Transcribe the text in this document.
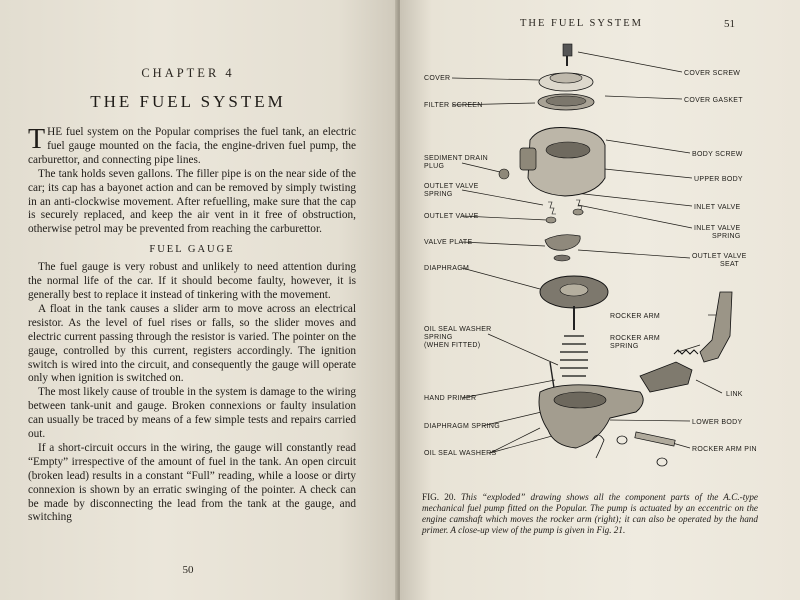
CHAPTER 4
THE FUEL SYSTEM

THE fuel system on the Popular comprises the fuel tank, an electric fuel gauge mounted on the facia, the engine-driven fuel pump, the carburettor, and connecting pipe lines.

The tank holds seven gallons. The filler pipe is on the near side of the car; its cap has a bayonet action and can be removed by simply twisting in an anti-clockwise movement. After refuelling, make sure that the cap is securely replaced, and keep the air vent in it free of obstruction, otherwise petrol may be prevented from reaching the carburettor.

FUEL GAUGE

The fuel gauge is very robust and unlikely to need attention during the normal life of the car. If it should become faulty, however, it is generally best to replace it instead of tinkering with the movement.

A float in the tank causes a slider arm to move across an electrical resistor. As the level of fuel rises or falls, so the slider moves and electric current passing through the resistor is varied. The pointer on the gauge, controlled by this current, registers accordingly. The ignition switch is wired into the circuit, and consequently the gauge will operate only when ignition is switched on.

The most likely cause of trouble in the system is damage to the wiring between tank-unit and gauge. Broken connexions or faulty insulation can usually be traced by means of a few simple tests and repairs carried out.

If a short-circuit occurs in the wiring, the gauge will constantly read “Empty” irrespective of the amount of fuel in the tank. An open circuit (broken lead) results in a constant “Full” reading, while a loose or dirty connexion is shown by an erratic swinging of the pointer. A check can be made by disconnecting the lead from the tank at the gauge, and switching

50
THE FUEL SYSTEM	51
COVER
FILTER SCREEN
SEDIMENT DRAIN
PLUG
OUTLET VALVE
SPRING
OUTLET VALVE
VALVE PLATE
DIAPHRAGM
OIL SEAL WASHER
SPRING
(WHEN FITTED)
HAND PRIMER
DIAPHRAGM SPRING
OIL SEAL WASHERS
COVER SCREW
COVER GASKET
BODY SCREW
UPPER BODY
INLET VALVE
INLET VALVE
SPRING
OUTLET VALVE
SEAT
ROCKER ARM
ROCKER ARM
SPRING
LINK
LOWER BODY
ROCKER ARM PIN
FIG. 20. This “exploded” drawing shows all the component parts of the A.C.-type mechanical fuel pump fitted on the Popular. The pump is actuated by an eccentric on the engine camshaft which moves the rocker arm (right); it can also be operated by the hand primer. A close-up view of the pump is given in Fig. 21.
